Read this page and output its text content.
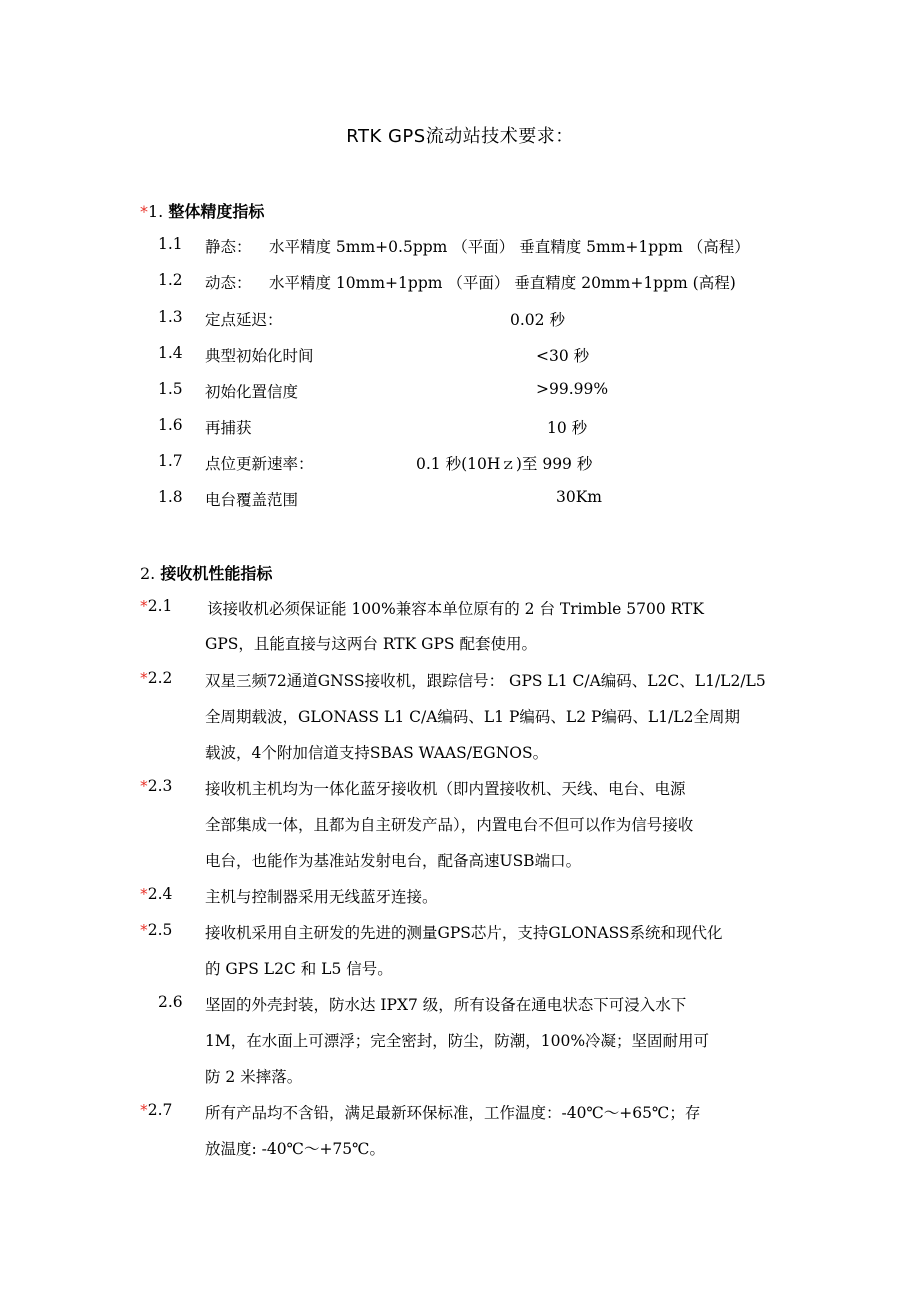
RTK GPS流动站技术要求：
*1. 整体精度指标
1.1 静态： 水平精度 5mm+0.5ppm （平面） 垂直精度 5mm+1ppm （高程）
1.2 动态： 水平精度 10mm+1ppm （平面） 垂直精度 20mm+1ppm (高程)
1.3 定点延迟：	0.02 秒
1.4 典型初始化时间	<30 秒
1.5 初始化置信度	>99.99%
1.6 再捕获	10 秒
1.7 点位更新速率：	0.1 秒(10Hｚ)至 999 秒
1.8 电台覆盖范围	30Km
2. 接收机性能指标
*2.1 该接收机必须保证能 100%兼容本单位原有的 2 台 Trimble 5700 RTK
GPS，且能直接与这两台 RTK GPS 配套使用。
*2.2 双星三频72通道GNSS接收机，跟踪信号： GPS L1 C/A编码、L2C、L1/L2/L5
全周期载波，GLONASS L1 C/A编码、L1 P编码、L2 P编码、L1/L2全周期
载波，4个附加信道支持SBAS WAAS/EGNOS。
*2.3 接收机主机均为一体化蓝牙接收机（即内置接收机、天线、电台、电源
全部集成一体，且都为自主研发产品），内置电台不但可以作为信号接收
电台，也能作为基准站发射电台，配备高速USB端口。
*2.4 主机与控制器采用无线蓝牙连接。
*2.5 接收机采用自主研发的先进的测量GPS芯片，支持GLONASS系统和现代化
的 GPS L2C 和 L5 信号。
2.6 坚固的外壳封装，防水达 IPX7 级，所有设备在通电状态下可浸入水下
1M，在水面上可漂浮；完全密封，防尘，防潮，100%冷凝；坚固耐用可
防 2 米摔落。
*2.7 所有产品均不含铅，满足最新环保标准，工作温度：-40℃～+65℃；存
放温度: -40℃～+75℃。
